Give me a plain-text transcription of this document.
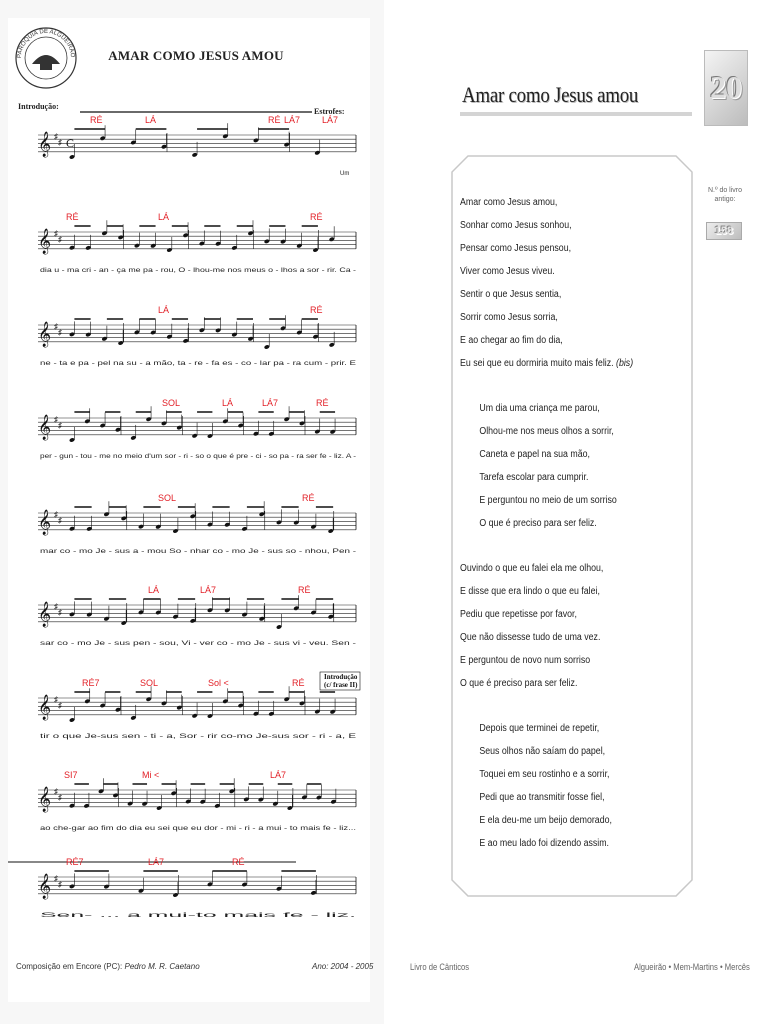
PARÓQUIA DE ALGUEIRÃO	AMAR COMO JESUS AMOU
Introdução:
Estrofes:
𝄞 ♯
♯ C
RÉ	LÁ	RÉ LÁ7 LÁ7
Um
𝄞 ♯
♯
RÉ	LÁ	RÉ
dia u - ma cri - an - ça me pa - rou, O - lhou-me nos meus o - lhos a sor - rir. Ca -
𝄞 ♯
♯
LÁ	RÉ
ne - ta e pa - pel na su - a mão, ta - re - fa es - co - lar pa - ra cum - prir. E
𝄞 ♯
♯
SOL	LÁ	LÁ7	RÉ
per - gun - tou - me no meio d'um sor - ri - so o que é pre - ci - so pa - ra ser fe - liz. A -
𝄞 ♯
♯
SOL	RÉ
mar co - mo Je - sus a - mou So - nhar co - mo Je - sus so - nhou, Pen -
𝄞 ♯
♯
LÁ	LÁ7	RÉ
sar co - mo Je - sus pen - sou, Vi - ver co - mo Je - sus vi - veu. Sen -
𝄞 ♯
♯
RÉ7	SOL	Sol <	RÉ
tir o que Je-sus sen - ti - a, Sor - rir co-mo Je-sus sor - ri - a, E
Introdução
(c/ frase II)
𝄞 ♯
♯
SI7	Mi <	LÁ7
ao che-gar ao fim do dia eu sei que eu dor - mi - ri - a mui - to mais fe - liz...
𝄞 ♯
♯
RÉ7	LÁ7	RÉ
Sen- ... a mui-to mais fe - liz.
Composição em Encore (PC): Pedro M. R. Caetano	Ano: 2004 - 2005
Amar como Jesus amou 20
N.º do livro antigo:
158
Amar como Jesus amou,
Sonhar como Jesus sonhou,
Pensar como Jesus pensou,
Viver como Jesus viveu.
Sentir o que Jesus sentia,
Sorrir como Jesus sorria,
E ao chegar ao fim do dia,
Eu sei que eu dormiria muito mais feliz. (bis)
Um dia uma criança me parou,
Olhou-me nos meus olhos a sorrir,
Caneta e papel na sua mão,
Tarefa escolar para cumprir.
E perguntou no meio de um sorriso
O que é preciso para ser feliz.
Ouvindo o que eu falei ela me olhou,
E disse que era lindo o que eu falei,
Pediu que repetisse por favor,
Que não dissesse tudo de uma vez.
E perguntou de novo num sorriso
O que é preciso para ser feliz.
Depois que terminei de repetir,
Seus olhos não saíam do papel,
Toquei em seu rostinho e a sorrir,
Pedi que ao transmitir fosse fiel,
E ela deu-me um beijo demorado,
E ao meu lado foi dizendo assim.
Livro de Cânticos	Algueirão • Mem-Martins • Mercês
